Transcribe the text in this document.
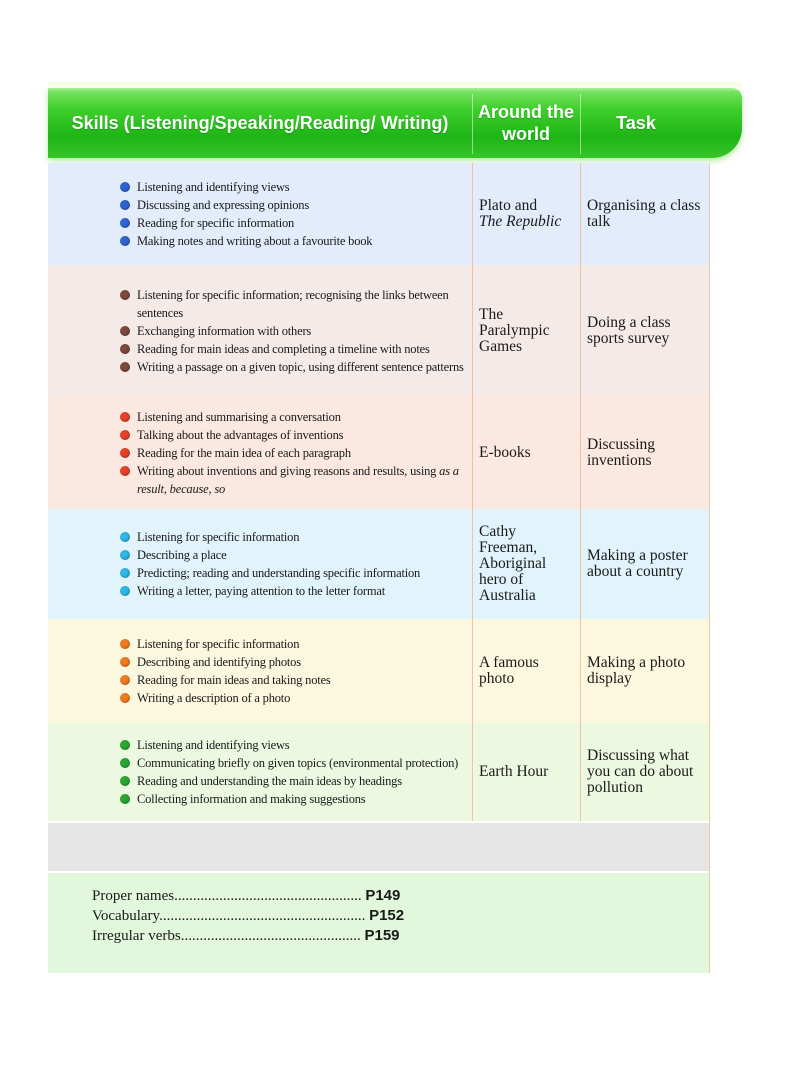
Skills (Listening/Speaking/Reading/ Writing)
Around the world
Task
Listening and identifying views
Discussing and expressing opinions
Reading for specific information
Making notes and writing about a favourite book
Plato and
The Republic
Organising a class talk
Listening for specific information; recognising the links between sentences
Exchanging information with others
Reading for main ideas and completing a timeline with notes
Writing a passage on a given topic, using different sentence patterns
The Paralympic Games
Doing a class sports survey
Listening and summarising a conversation
Talking about the advantages of inventions
Reading for the main idea of each paragraph
Writing about inventions and giving reasons and results, using as a result, because, so
E-books	Discussing inventions
Listening for specific information
Describing a place
Predicting; reading and understanding specific information
Writing a letter, paying attention to the letter format
Cathy Freeman, Aboriginal hero of Australia
Making a poster about a country
Listening for specific information
Describing and identifying photos
Reading for main ideas and taking notes
Writing a description of a photo
A famous photo
Making a photo display
Listening and identifying views
Communicating briefly on given topics (environmental protection)
Reading and understanding the main ideas by headings
Collecting information and making suggestions
Earth Hour
Discussing what you can do about pollution
Proper names.................................................. P149
Vocabulary....................................................... P152
Irregular verbs................................................ P159
